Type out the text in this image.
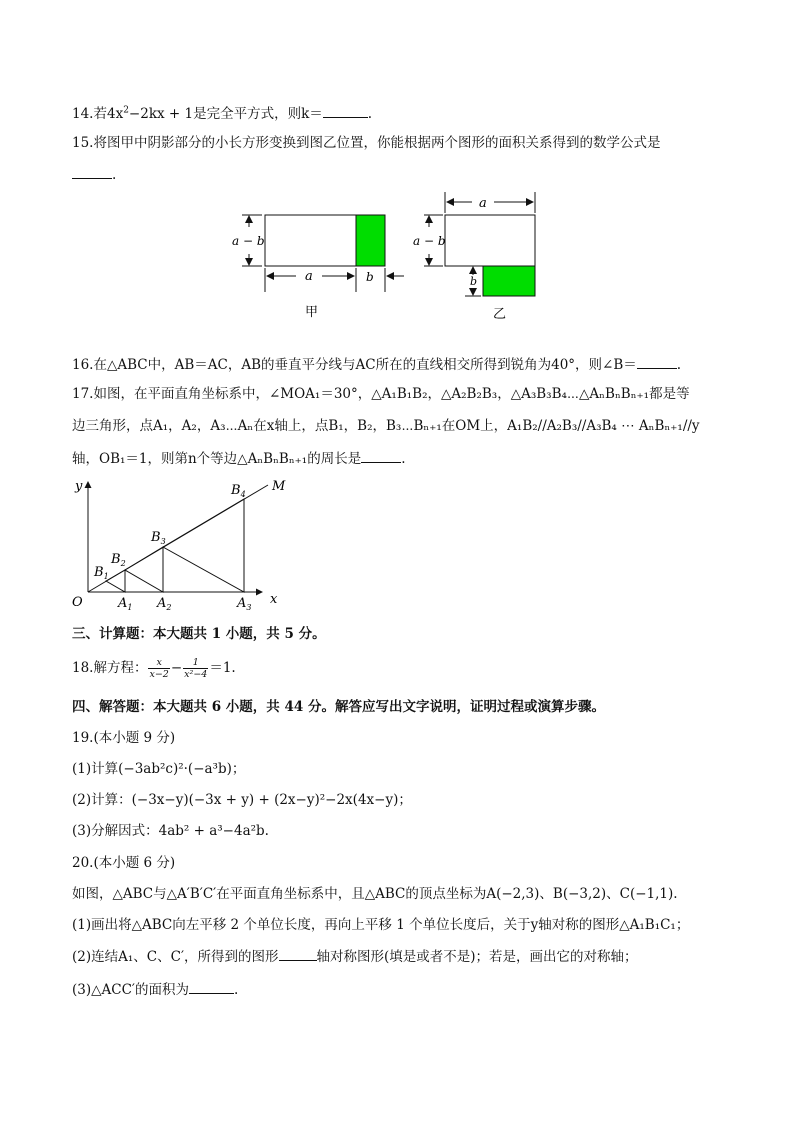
14.若$4x^2-2kx + 1$是完全平方式，则k＝	.
15.将图甲中阴影部分的小长方形变换到图乙位置，你能根据两个图形的面积关系得到的数学公式是
.
a − b
a	b
甲
a
a − b
b
乙
16.在△ABC中，AB＝AC，AB的垂直平分线与AC所在的直线相交所得到锐角为40°，则∠B＝	.
17.如图，在平面直角坐标系中，∠MOA₁＝30°，△A₁B₁B₂，△A₂B₂B₃，△A₃B₃B₄⋯△AₙBₙBₙ₊₁都是等
边三角形，点A₁，A₂，A₃⋯Aₙ在x轴上，点B₁，B₂，B₃⋯Bₙ₊₁在OM上，A₁B₂//A₂B₃//A₃B₄ ⋯ AₙBₙ₊₁//y
轴，OB₁＝1，则第n个等边△AₙBₙBₙ₊₁的周长是	.
y
x
O
M
$B_1$
$B_2$
$B_3$
$B_4$
$A_1$ $A_2$	$A_3$
三、计算题：本大题共 1 小题，共 5 分。
18.解方程： $\frac{x}{x-2} - \frac{1}{\text{x²−4}} =1$.
四、解答题：本大题共 6 小题，共 44 分。解答应写出文字说明，证明过程或演算步骤。
19.(本小题 9 分)
(1)计算(−3ab²c)²·(−a³b)；
(2)计算：(−3x−y)(−3x + y) + (2x−y)²−2x(4x−y)；
(3)分解因式：4ab² + a³−4a²b.
20.(本小题 6 分)
如图，△ABC与△A′B′C′在平面直角坐标系中，且△ABC的顶点坐标为A(−2,3)、B(−3,2)、C(−1,1).
(1)画出将△ABC向左平移 2 个单位长度，再向上平移 1 个单位长度后，关于y轴对称的图形△A₁B₁C₁；
(2)连结A₁、C、C′，所得到的图形	轴对称图形(填是或者不是)；若是，画出它的对称轴；
(3)△ACC′的面积为	.
